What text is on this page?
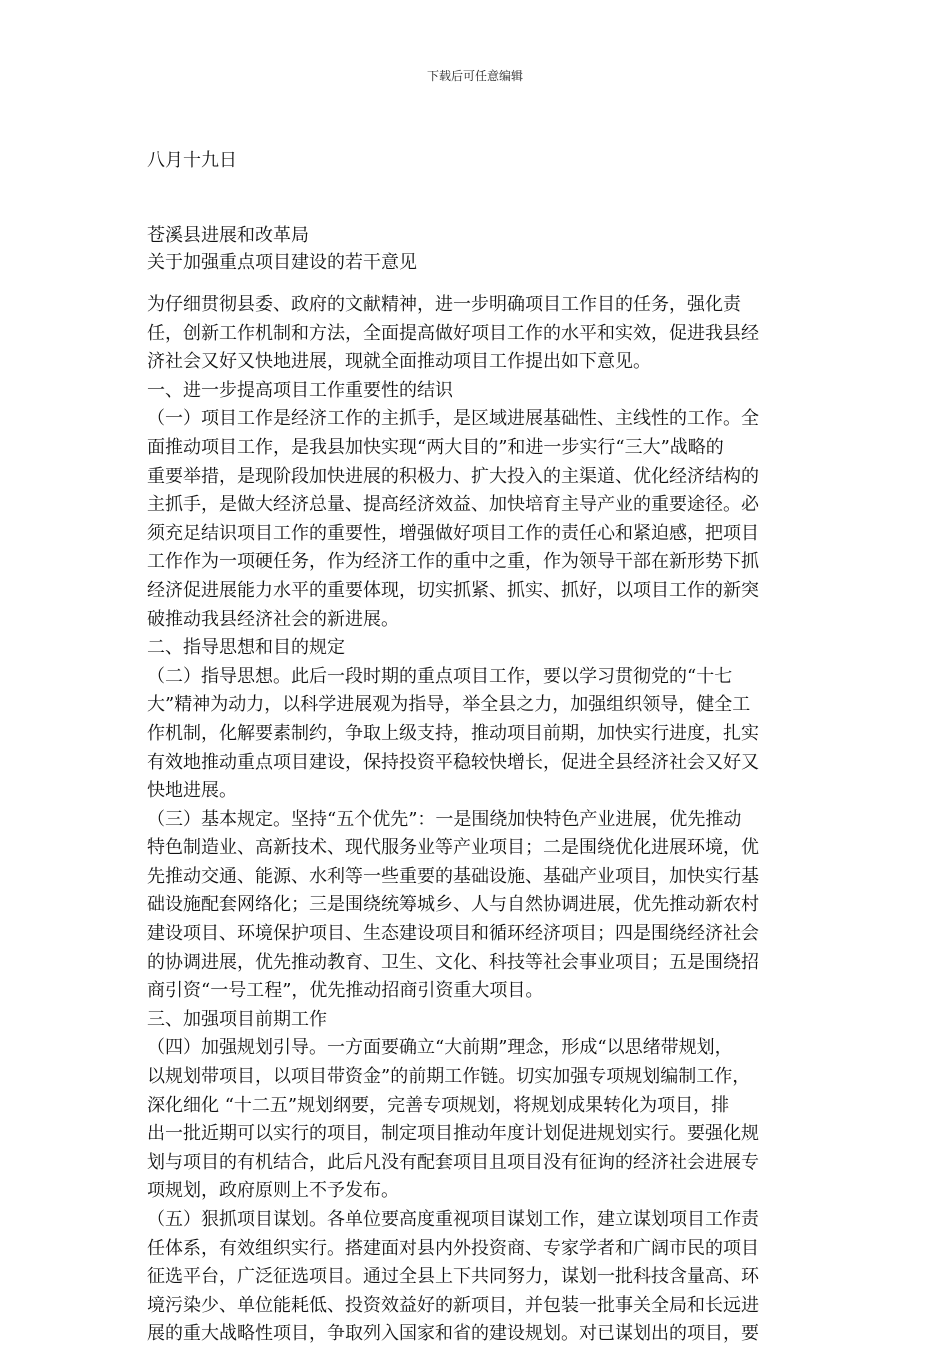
下载后可任意编辑
八月十九日
苍溪县进展和改革局
关于加强重点项目建设的若干意见
为仔细贯彻县委、政府的文献精神，进一步明确项目工作目的任务，强化责
任，创新工作机制和方法，全面提高做好项目工作的水平和实效，促进我县经
济社会又好又快地进展，现就全面推动项目工作提出如下意见。
一、进一步提高项目工作重要性的结识
（一）项目工作是经济工作的主抓手，是区域进展基础性、主线性的工作。全
面推动项目工作，是我县加快实现“两大目的”和进一步实行“三大”战略的
重要举措，是现阶段加快进展的积极力、扩大投入的主渠道、优化经济结构的
主抓手，是做大经济总量、提高经济效益、加快培育主导产业的重要途径。必
须充足结识项目工作的重要性，增强做好项目工作的责任心和紧迫感，把项目
工作作为一项硬任务，作为经济工作的重中之重，作为领导干部在新形势下抓
经济促进展能力水平的重要体现，切实抓紧、抓实、抓好，以项目工作的新突
破推动我县经济社会的新进展。
二、指导思想和目的规定
（二）指导思想。此后一段时期的重点项目工作，要以学习贯彻党的“十七
大”精神为动力，以科学进展观为指导，举全县之力，加强组织领导，健全工
作机制，化解要素制约，争取上级支持，推动项目前期，加快实行进度，扎实
有效地推动重点项目建设，保持投资平稳较快增长，促进全县经济社会又好又
快地进展。
（三）基本规定。坚持“五个优先”：一是围绕加快特色产业进展，优先推动
特色制造业、高新技术、现代服务业等产业项目；二是围绕优化进展环境，优
先推动交通、能源、水利等一些重要的基础设施、基础产业项目，加快实行基
础设施配套网络化；三是围绕统筹城乡、人与自然协调进展，优先推动新农村
建设项目、环境保护项目、生态建设项目和循环经济项目；四是围绕经济社会
的协调进展，优先推动教育、卫生、文化、科技等社会事业项目；五是围绕招
商引资“一号工程”，优先推动招商引资重大项目。
三、加强项目前期工作
（四）加强规划引导。一方面要确立“大前期”理念，形成“以思绪带规划，
以规划带项目，以项目带资金”的前期工作链。切实加强专项规划编制工作，
深化细化 “十二五”规划纲要，完善专项规划，将规划成果转化为项目，排
出一批近期可以实行的项目，制定项目推动年度计划促进规划实行。要强化规
划与项目的有机结合，此后凡没有配套项目且项目没有征询的经济社会进展专
项规划，政府原则上不予发布。
（五）狠抓项目谋划。各单位要高度重视项目谋划工作，建立谋划项目工作责
任体系，有效组织实行。搭建面对县内外投资商、专家学者和广阔市民的项目
征选平台，广泛征选项目。通过全县上下共同努力，谋划一批科技含量高、环
境污染少、单位能耗低、投资效益好的新项目，并包装一批事关全局和长远进
展的重大战略性项目，争取列入国家和省的建设规划。对已谋划出的项目，要
